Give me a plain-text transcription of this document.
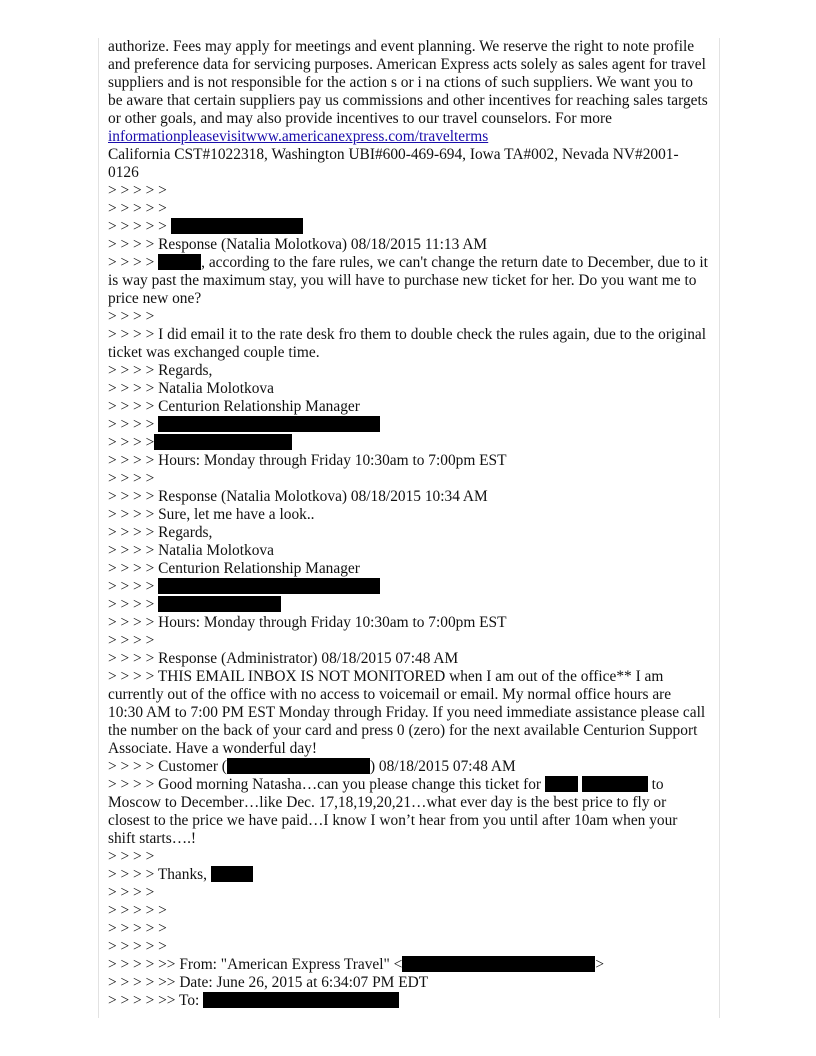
authorize. Fees may apply for meetings and event planning. We reserve the right to note profile and preference data for servicing purposes. American Express acts solely as sales agent for travel suppliers and is not responsible for the action s or i na ctions of such suppliers. We want you to be aware that certain suppliers pay us commissions and other incentives for reaching sales targets or other goals, and may also provide incentives to our travel counselors. For more informationpleasevisitwww.americanexpress.com/travelterms
California CST#1022318, Washington UBI#600-469-694, Iowa TA#002, Nevada NV#2001-0126
> > > > >
> > > > >
> > > > >
> > > > Response (Natalia Molotkova) 08/18/2015 11:13 AM
> > > >	, according to the fare rules, we can't change the return date to December, due to it is way past the maximum stay, you will have to purchase new ticket for her. Do you want me to price new one?
> > > >
> > > > I did email it to the rate desk fro them to double check the rules again, due to the original ticket was exchanged couple time.
> > > > Regards,
> > > > Natalia Molotkova
> > > > Centurion Relationship Manager
> > > >
> > > >
> > > > Hours: Monday through Friday 10:30am to 7:00pm EST
> > > >
> > > > Response (Natalia Molotkova) 08/18/2015 10:34 AM
> > > > Sure, let me have a look..
> > > > Regards,
> > > > Natalia Molotkova
> > > > Centurion Relationship Manager
> > > >
> > > >
> > > > Hours: Monday through Friday 10:30am to 7:00pm EST
> > > >
> > > > Response (Administrator) 08/18/2015 07:48 AM
> > > > THIS EMAIL INBOX IS NOT MONITORED when I am out of the office** I am currently out of the office with no access to voicemail or email. My normal office hours are 10:30 AM to 7:00 PM EST Monday through Friday. If you need immediate assistance please call the number on the back of your card and press 0 (zero) for the next available Centurion Support Associate. Have a wonderful day!
> > > > Customer (	) 08/18/2015 07:48 AM
> > > > Good morning Natasha…can you please change this ticket for	to Moscow to December…like Dec. 17,18,19,20,21…what ever day is the best price to fly or closest to the price we have paid…I know I won’t hear from you until after 10am when your shift starts….!
> > > >
> > > > Thanks,
> > > >
> > > > >
> > > > >
> > > > >
> > > > >> From: "American Express Travel" <	>
> > > > >> Date: June 26, 2015 at 6:34:07 PM EDT
> > > > >> To:
